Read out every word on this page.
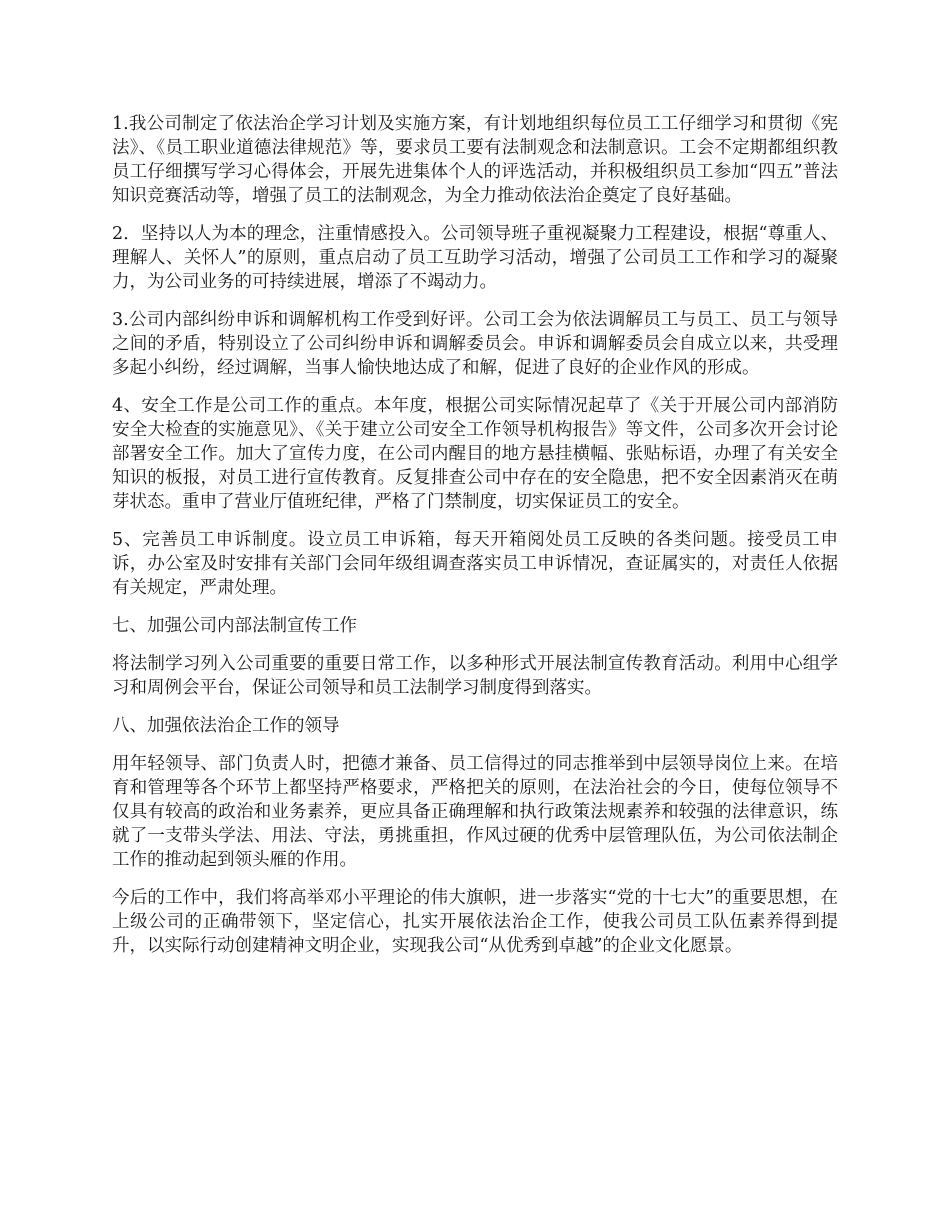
1.我公司制定了依法治企学习计划及实施方案，有计划地组织每位员工工仔细学习和贯彻《宪法》、《员工职业道德法律规范》等，要求员工要有法制观念和法制意识。工会不定期都组织教员工仔细撰写学习心得体会，开展先进集体个人的评选活动，并积极组织员工参加“四五”普法知识竞赛活动等，增强了员工的法制观念，为全力推动依法治企奠定了良好基础。

2．坚持以人为本的理念，注重情感投入。公司领导班子重视凝聚力工程建设，根据“尊重人、理解人、关怀人”的原则，重点启动了员工互助学习活动，增强了公司员工工作和学习的凝聚力，为公司业务的可持续进展，增添了不竭动力。

3.公司内部纠纷申诉和调解机构工作受到好评。公司工会为依法调解员工与员工、员工与领导之间的矛盾，特别设立了公司纠纷申诉和调解委员会。申诉和调解委员会自成立以来，共受理多起小纠纷，经过调解，当事人愉快地达成了和解，促进了良好的企业作风的形成。

4、安全工作是公司工作的重点。本年度，根据公司实际情况起草了《关于开展公司内部消防安全大检查的实施意见》、《关于建立公司安全工作领导机构报告》等文件，公司多次开会讨论部署安全工作。加大了宣传力度，在公司内醒目的地方悬挂横幅、张贴标语，办理了有关安全知识的板报，对员工进行宣传教育。反复排查公司中存在的安全隐患，把不安全因素消灭在萌芽状态。重申了营业厅值班纪律，严格了门禁制度，切实保证员工的安全。

5、完善员工申诉制度。设立员工申诉箱，每天开箱阅处员工反映的各类问题。接受员工申诉，办公室及时安排有关部门会同年级组调查落实员工申诉情况，查证属实的，对责任人依据有关规定，严肃处理。

七、加强公司内部法制宣传工作

将法制学习列入公司重要的重要日常工作，以多种形式开展法制宣传教育活动。利用中心组学习和周例会平台，保证公司领导和员工法制学习制度得到落实。

八、加强依法治企工作的领导

用年轻领导、部门负责人时，把德才兼备、员工信得过的同志推举到中层领导岗位上来。在培育和管理等各个环节上都坚持严格要求，严格把关的原则，在法治社会的今日，使每位领导不仅具有较高的政治和业务素养，更应具备正确理解和执行政策法规素养和较强的法律意识，练就了一支带头学法、用法、守法，勇挑重担，作风过硬的优秀中层管理队伍，为公司依法制企工作的推动起到领头雁的作用。

今后的工作中，我们将高举邓小平理论的伟大旗帜，进一步落实“党的十七大”的重要思想，在上级公司的正确带领下，坚定信心，扎实开展依法治企工作，使我公司员工队伍素养得到提升，以实际行动创建精神文明企业，实现我公司“从优秀到卓越”的企业文化愿景。
